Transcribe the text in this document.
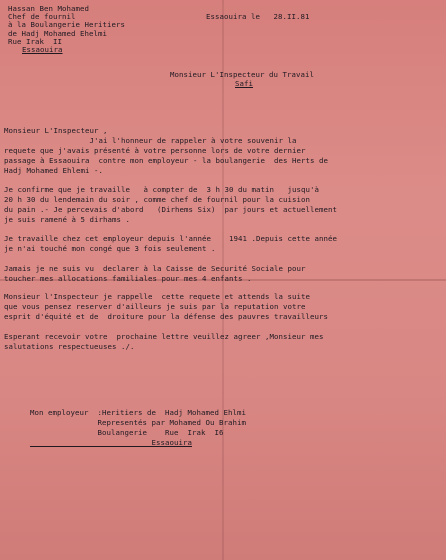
Hassan Ben Mohamed
Chef de fournil
à la Boulangerie Heritiers
de Hadj Mohamed Ehelmi
Rue Irak  II
Essaouira
Essaouira le   28.II.81
Monsieur L'Inspecteur du Travail
Safi
Monsieur L'Inspecteur ,
J'ai l'honneur de rappeler à votre souvenir la
requete que j'avais présenté à votre personne lors de votre dernier
passage à Essaouira  contre mon employeur - la boulangerie  des Herts de
Hadj Mohamed Ehlemi -.
Je confirme que je travaille   à compter de  3 h 30 du matin   jusqu'à
20 h 30 du lendemain du soir , comme chef de fournil pour la cuision
du pain .- Je percevais d'abord   (Dirhems Six)  par jours et actuellement
je suis ramené à 5 dirhams .
Je travaille chez cet employeur depuis l'année    1941 .Depuis cette année
je n'ai touché mon congé que 3 fois seulement .
Jamais je ne suis vu  declarer à la Caisse de Securité Sociale pour
toucher mes allocations familiales pour mes 4 enfants .
Monsieur l'Inspecteur je rappelle  cette requete et attends la suite
que vous pensez reserver d'ailleurs je suis par la reputation votre
esprit d'équité et de  droiture pour la défense des pauvres travailleurs
Esperant recevoir votre  prochaine lettre veuillez agreer ,Monsieur mes
salutations respectueuses ./.
Mon employeur  :Heritiers de  Hadj Mohamed Ehlmi
Representés par Mohamed Ou Brahim
Boulangerie    Rue  Irak  I6
Essaouira
